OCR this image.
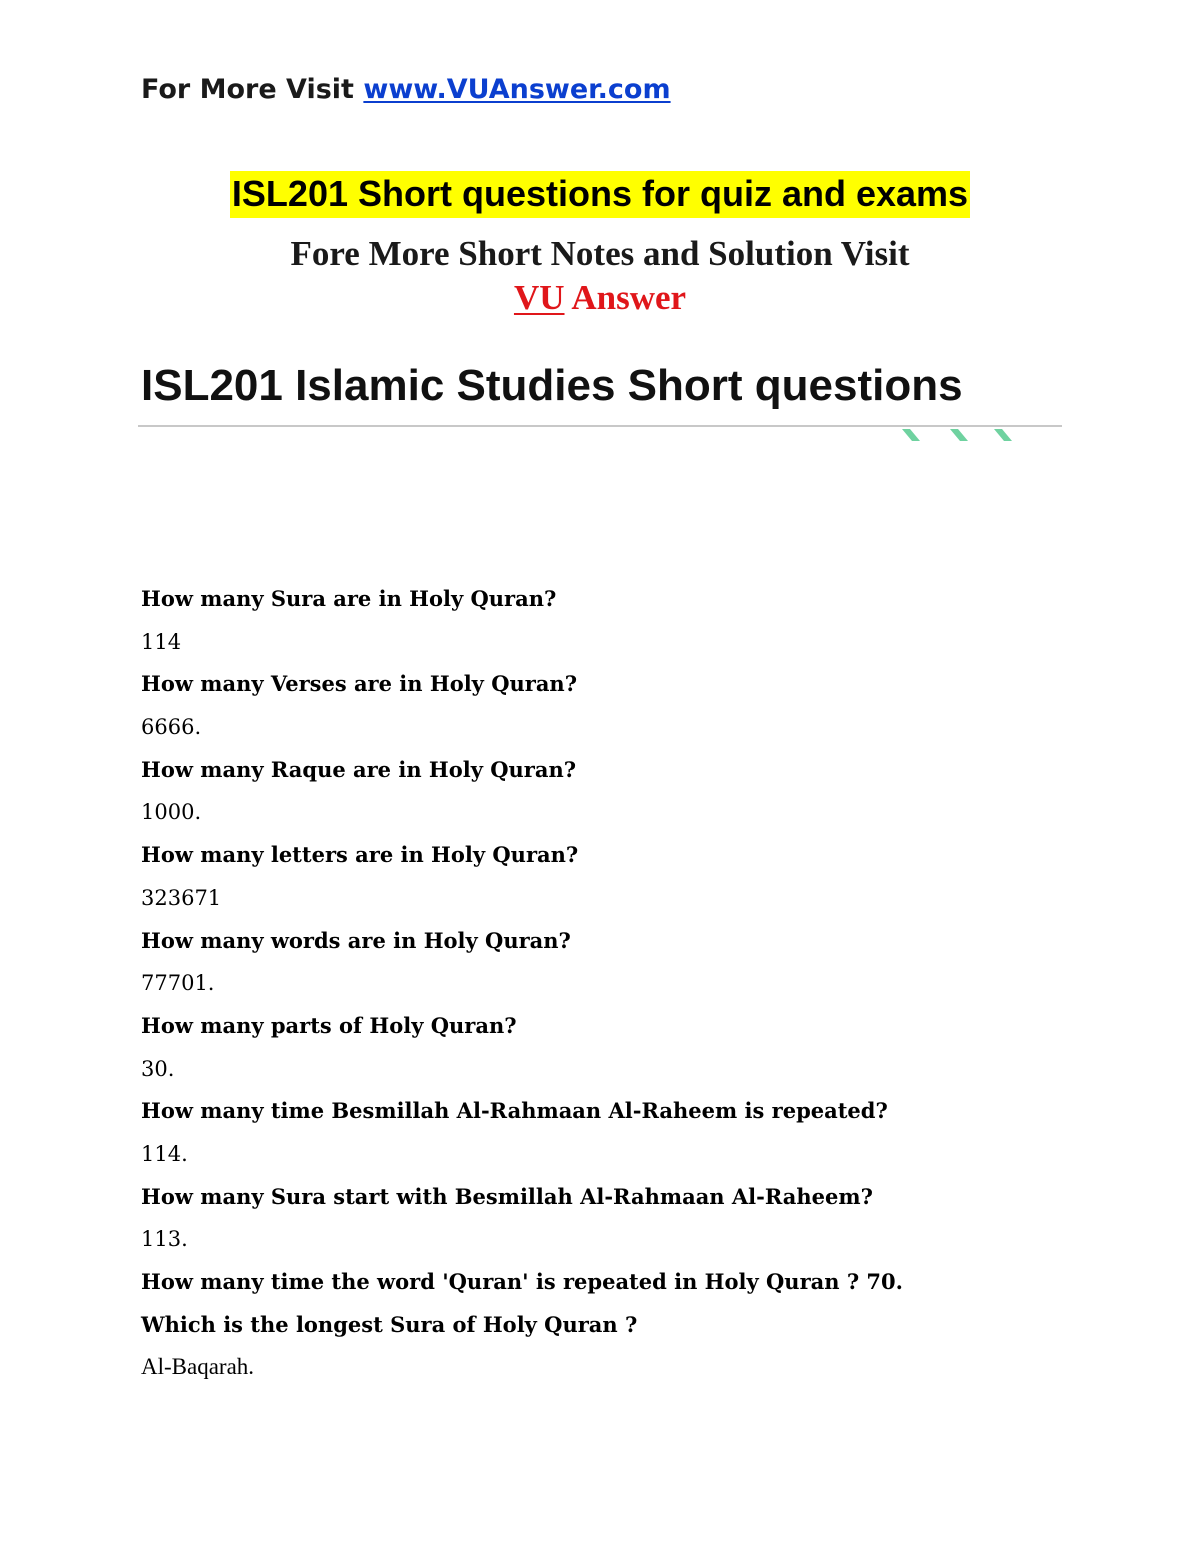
For More Visit www.VUAnswer.com
ISL201 Short questions for quiz and exams
Fore More Short Notes and Solution Visit
VU Answer
ISL201 Islamic Studies Short questions
How many Sura are in Holy Quran?
114
How many Verses are in Holy Quran?
6666.
How many Raque are in Holy Quran?
1000.
How many letters are in Holy Quran?
323671
How many words are in Holy Quran?
77701.
How many parts of Holy Quran?
30.
How many time Besmillah Al-Rahmaan Al-Raheem is repeated?
114.
How many Sura start with Besmillah Al-Rahmaan Al-Raheem?
113.
How many time the word 'Quran' is repeated in Holy Quran ? 70.
Which is the longest Sura of Holy Quran ?
Al-Baqarah.
